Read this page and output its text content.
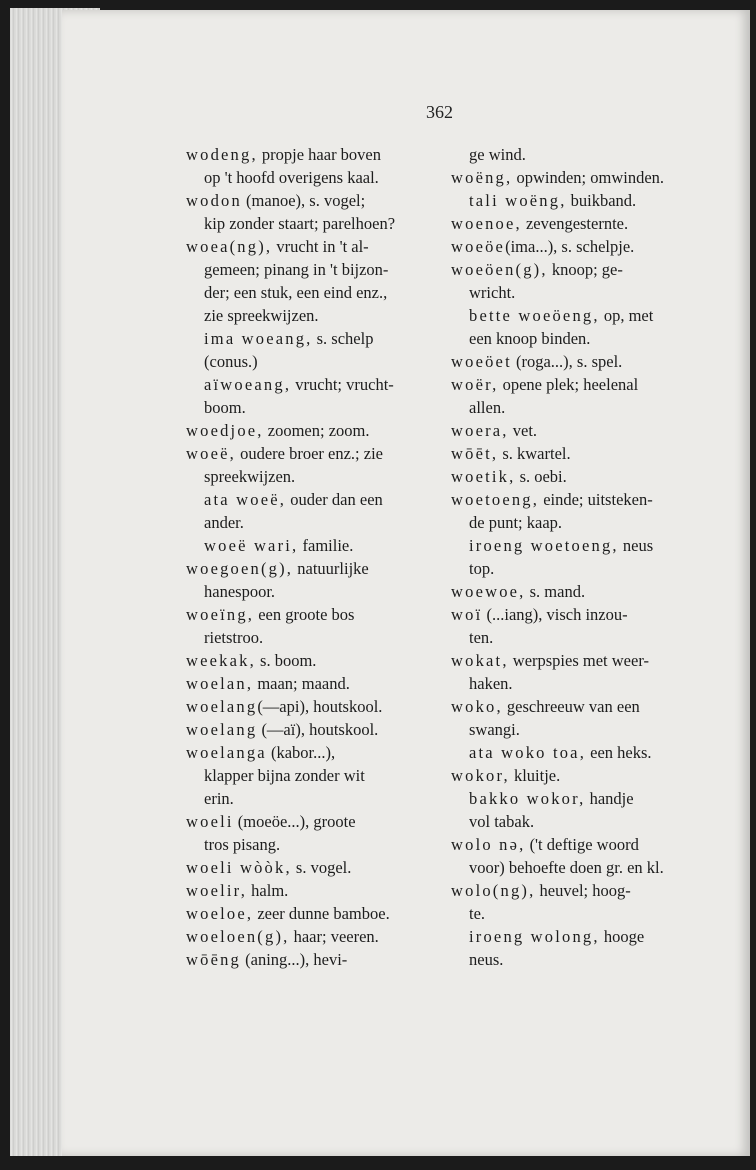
362
wodeng, propje haar boven
op 't hoofd overigens kaal.
wodon (manoe), s. vogel;
kip zonder staart; parelhoen?
woea(ng), vrucht in 't al-
gemeen; pinang in 't bijzon-
der; een stuk, een eind enz.,
zie spreekwijzen.
ima woeang, s. schelp
(conus.)
aïwoeang, vrucht; vrucht-
boom.
woedjoe, zoomen; zoom.
woeë, oudere broer enz.; zie
spreekwijzen.
ata woeë, ouder dan een
ander.
woeë wari, familie.
woegoen(g), natuurlijke
hanespoor.
woeïng, een groote bos
rietstroo.
weekak, s. boom.
woelan, maan; maand.
woelang(—api), houtskool.
woelang (—aï), houtskool.
woelanga (kabor...),
klapper bijna zonder wit
erin.
woeli (moeöe...), groote
tros pisang.
woeli wòòk, s. vogel.
woelir, halm.
woeloe, zeer dunne bamboe.
woeloen(g), haar; veeren.
wōēng (aning...), hevi-
ge wind.
woëng, opwinden; omwinden.
tali woëng, buikband.
woenoe, zevengesternte.
woeöe(ima...), s. schelpje.
woeöen(g), knoop; ge-
wricht.
bette woeöeng, op, met
een knoop binden.
woeöet (roga...), s. spel.
woër, opene plek; heelenal
allen.
woera, vet.
wōēt, s. kwartel.
woetik, s. oebi.
woetoeng, einde; uitsteken-
de punt; kaap.
iroeng woetoeng, neus
top.
woewoe, s. mand.
woï (...iang), visch inzou-
ten.
wokat, werpspies met weer-
haken.
woko, geschreeuw van een
swangi.
ata woko toa, een heks.
wokor, kluitje.
bakko wokor, handje
vol tabak.
wolo nə, ('t deftige woord
voor) behoefte doen gr. en kl.
wolo(ng), heuvel; hoog-
te.
iroeng wolong, hooge
neus.
